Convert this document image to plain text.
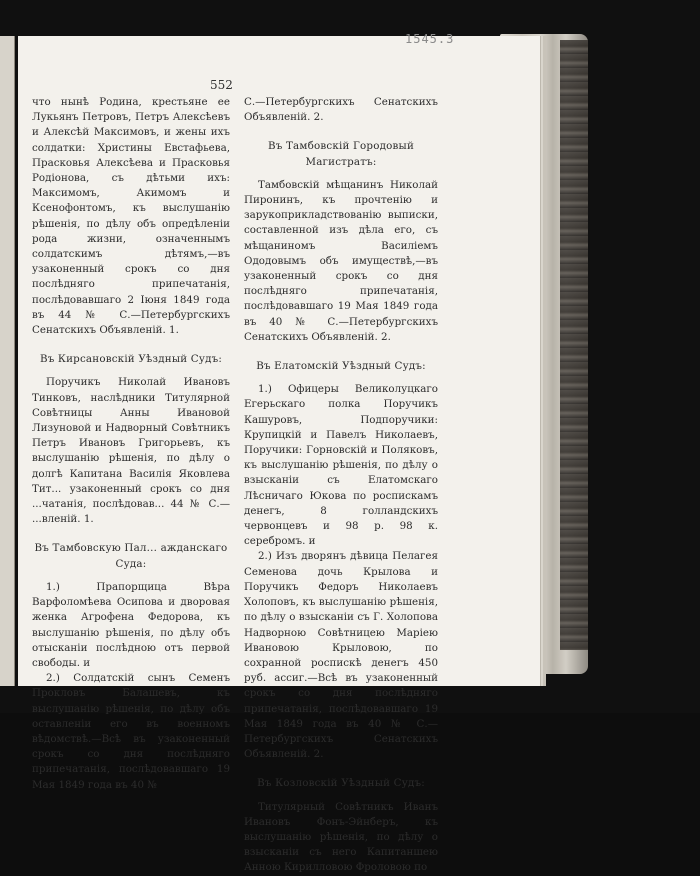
1545.3
552

что нынѣ Родина, крестьяне ее Лукьянъ Петровъ, Петръ Алексѣевъ и Алексѣй Максимовъ, и жены ихъ солдатки: Христины Евстафьева, Прасковья Алексѣева и Прасковья Родіонова, съ дѣтьми ихъ: Максимомъ, Акимомъ и Ксенофонтомъ, къ выслушанію рѣшенія, по дѣлу объ опредѣленіи рода жизни, означеннымъ солдатскимъ дѣтямъ,—въ узаконенный срокъ со дня послѣдняго припечатанія, послѣдовавшаго 2 Іюня 1849 года въ 44 № С.—Петербургскихъ Сенатскихъ Объявленій. 1.

Въ Кирсановскій Уѣздный Судъ:

Поручикъ Николай Ивановъ Тинковъ, наслѣдники Титулярной Совѣтницы Анны Ивановой Лизуновой и Надворный Совѣтникъ Петръ Ивановъ Григорьевъ, къ выслушанію рѣшенія, по дѣлу о долгѣ Капитана Василія Яковлева Тит... узаконенный срокъ со дня ...чатанія, послѣдовав... 44 № С.— ...вленій. 1.

Въ Тамбовскую Пал... ажданскаго Суда:

1.) Прапорщица Вѣра Варфоломѣева Осипова и дворовая женка Агрофена Федорова, къ выслушанію рѣшенія, по дѣлу объ отысканіи послѣдною отъ первой свободы. и

2.) Солдатскій сынъ Семенъ Прокловъ Балашевъ, къ выслушанію рѣшенія, по дѣлу объ оставленіи его въ военномъ вѣдомствѣ.—Всѣ въ узаконенный срокъ со дня послѣдняго припечатанія, послѣдовавшаго 19 Мая 1849 года въ 40 №

С.—Петербургскихъ Сенатскихъ Объявленій. 2.

Въ Тамбовскій Городовый Магистратъ:

Тамбовскій мѣщанинъ Николай Пиронинъ, къ прочтенію и зарукоприкладствованію выписки, составленной изъ дѣла его, съ мѣщаниномъ Василіемъ Ододовымъ объ имуществѣ,—въ узаконенный срокъ со дня послѣдняго припечатанія, послѣдовавшаго 19 Мая 1849 года въ 40 № С.—Петербургскихъ Сенатскихъ Объявленій. 2.

Въ Елатомскій Уѣздный Судъ:

1.) Офицеры Великолуцкаго Егерьскаго полка Поручикъ Кашуровъ, Подпоручики: Крупицкій и Павелъ Николаевъ, Поручики: Горновскій и Поляковъ, къ выслушанію рѣшенія, по дѣлу о взысканіи съ Елатомскаго Лѣсничаго Юкова по роспискамъ денегъ, 8 голландскихъ червонцевъ и 98 р. 98 к. серебромъ. и

2.) Изъ дворянъ дѣвица Пелагея Семенова дочь Крылова и Поручикъ Федоръ Николаевъ Холоповъ, къ выслушанію рѣшенія, по дѣлу о взысканіи съ Г. Холопова Надворною Совѣтницею Маріею Ивановою Крыловою, по сохранной роспискѣ денегъ 450 руб. ассиг.—Всѣ въ узаконенный срокъ со дня послѣдняго припечатанія, послѣдовавшаго 19 Мая 1849 года въ 40 № С.—Петербургскихъ Сенатскихъ Объявленій. 2.

Въ Козловскій Уѣздный Судъ:

Титулярный Совѣтникъ Иванъ Ивановъ Фонъ-Эйнберъ, къ выслушанію рѣшенія, по дѣлу о взысканіи съ него Капитаншею Анною Кирилловою Фроловою по
